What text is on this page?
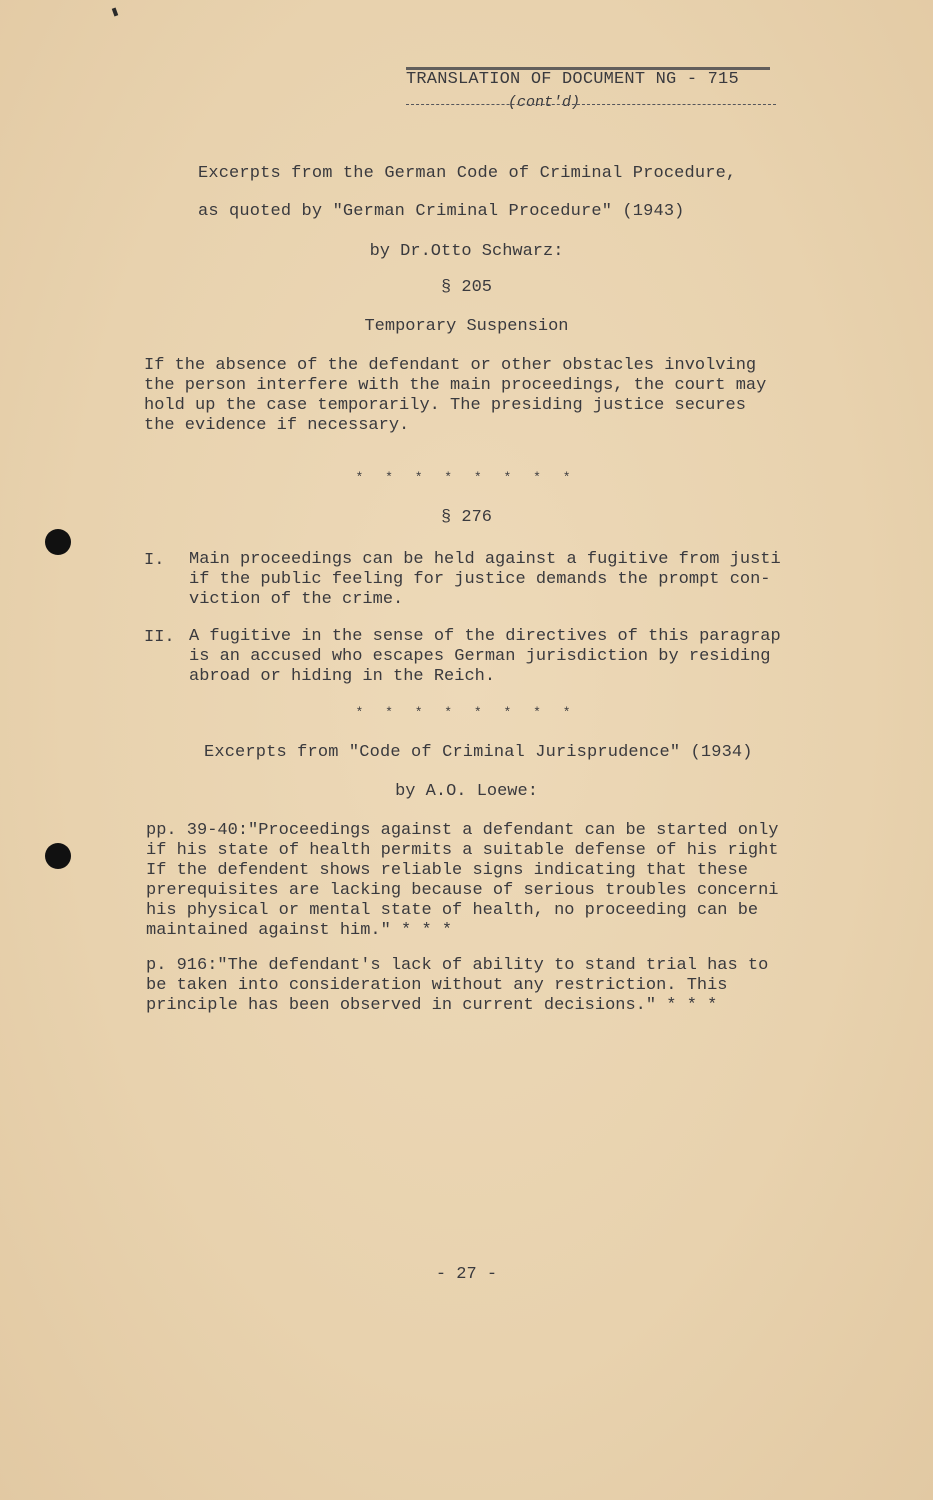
TRANSLATION OF DOCUMENT NG - 715
(cont'd)
Excerpts from the German Code of Criminal Procedure,
as quoted by "German Criminal Procedure" (1943)
by Dr.Otto Schwarz:
§ 205
Temporary Suspension
If the absence of the defendant or other obstacles involving
the person interfere with the main proceedings, the court may
hold up the case temporarily. The presiding justice secures
the evidence if necessary.
* * * * * * * *
§ 276
I. Main proceedings can be held against a fugitive from justi
if the public feeling for justice demands the prompt con-
viction of the crime.
II. A fugitive in the sense of the directives of this paragrap
is an accused who escapes German jurisdiction by residing
abroad or hiding in the Reich.
* * * * * * * *
Excerpts from "Code of Criminal Jurisprudence" (1934)
by A.O. Loewe:
pp. 39-40:"Proceedings against a defendant can be started only
if his state of health permits a suitable defense of his right
If the defendent shows reliable signs indicating that these
prerequisites are lacking because of serious troubles concerni
his physical or mental state of health, no proceeding can be
maintained against him." * * *
p. 916:"The defendant's lack of ability to stand trial has to
be taken into consideration without any restriction. This
principle has been observed in current decisions." * * *
- 27 -
